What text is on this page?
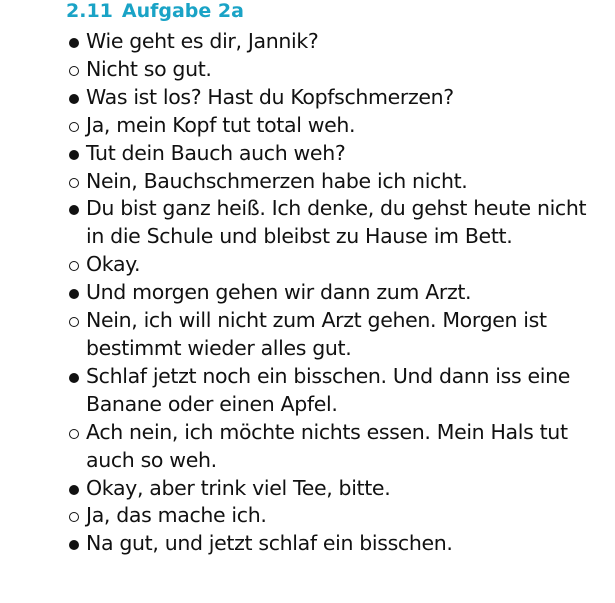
2.11 Aufgabe 2a
Wie geht es dir, Jannik?
Nicht so gut.
Was ist los? Hast du Kopfschmerzen?
Ja, mein Kopf tut total weh.
Tut dein Bauch auch weh?
Nein, Bauchschmerzen habe ich nicht.
Du bist ganz heiß. Ich denke, du gehst heute nicht in die Schule und bleibst zu Hause im Bett.
Okay.
Und morgen gehen wir dann zum Arzt.
Nein, ich will nicht zum Arzt gehen. Morgen ist bestimmt wieder alles gut.
Schlaf jetzt noch ein bisschen. Und dann iss eine Banane oder einen Apfel.
Ach nein, ich möchte nichts essen. Mein Hals tut auch so weh.
Okay, aber trink viel Tee, bitte.
Ja, das mache ich.
Na gut, und jetzt schlaf ein bisschen.
